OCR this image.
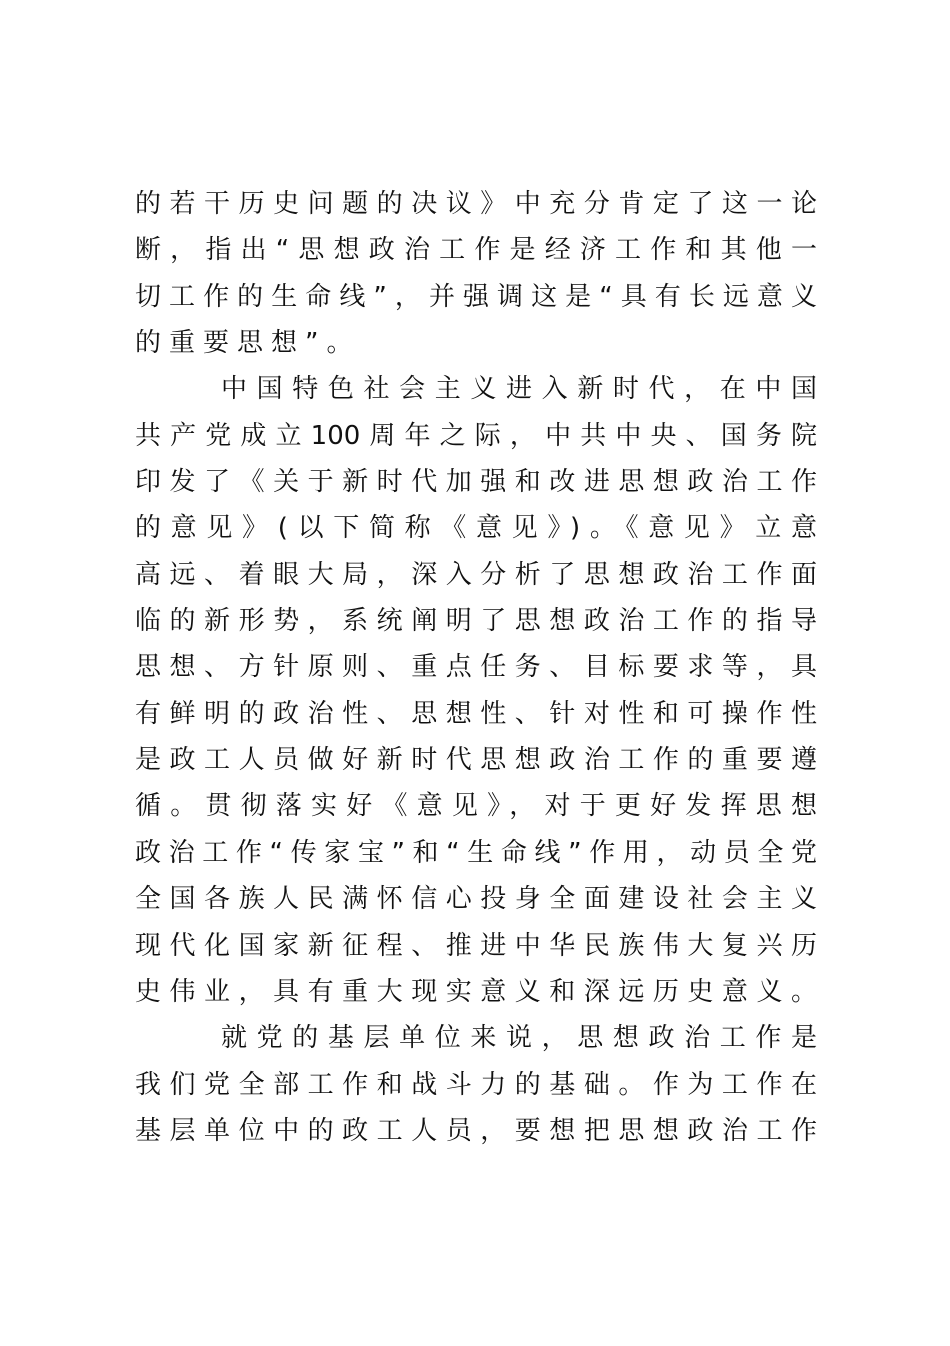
的若干历史问题的决议》中充分肯定了这一论
断，指出“思想政治工作是经济工作和其他一
切工作的生命线”，并强调这是“具有长远意义
的重要思想”。
中国特色社会主义进入新时代，在中国
共产党成立100周年之际，中共中央、国务院
印发了《关于新时代加强和改进思想政治工作
的意见》(以下简称《意见》)。《意见》立意
高远、着眼大局，深入分析了思想政治工作面
临的新形势，系统阐明了思想政治工作的指导
思想、方针原则、重点任务、目标要求等，具
有鲜明的政治性、思想性、针对性和可操作性
是政工人员做好新时代思想政治工作的重要遵
循。贯彻落实好《意见》，对于更好发挥思想
政治工作“传家宝”和“生命线”作用，动员全党
全国各族人民满怀信心投身全面建设社会主义
现代化国家新征程、推进中华民族伟大复兴历
史伟业，具有重大现实意义和深远历史意义。
就党的基层单位来说，思想政治工作是
我们党全部工作和战斗力的基础。作为工作在
基层单位中的政工人员，要想把思想政治工作
